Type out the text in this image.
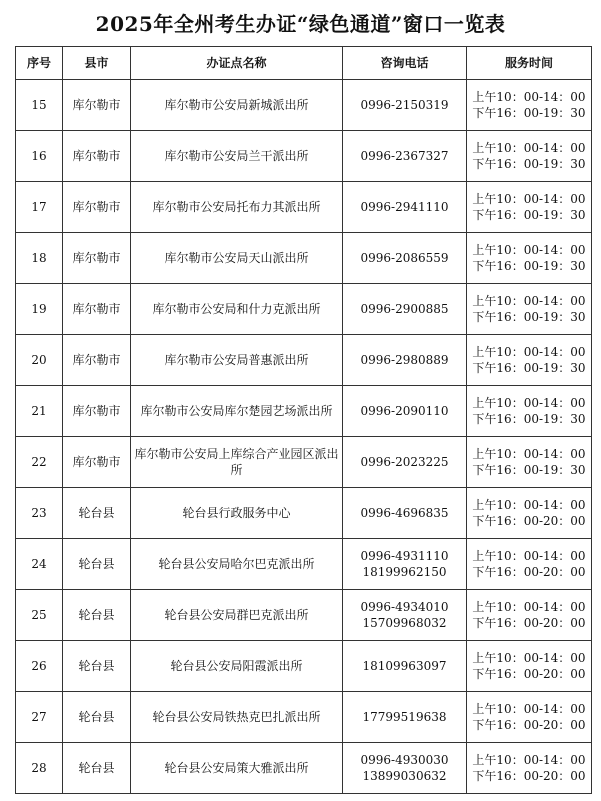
2025年全州考生办证“绿色通道”窗口一览表
序号	县市	办证点名称	咨询电话	服务时间
15	库尔勒市	库尔勒市公安局新城派出所	0996-2150319	上午10：00-14：00
下午16：00-19：30

16	库尔勒市	库尔勒市公安局兰干派出所	0996-2367327	上午10：00-14：00
下午16：00-19：30

17	库尔勒市	库尔勒市公安局托布力其派出所	0996-2941110	上午10：00-14：00
下午16：00-19：30

18	库尔勒市	库尔勒市公安局天山派出所	0996-2086559	上午10：00-14：00
下午16：00-19：30

19	库尔勒市	库尔勒市公安局和什力克派出所	0996-2900885	上午10：00-14：00
下午16：00-19：30

20	库尔勒市	库尔勒市公安局普惠派出所	0996-2980889	上午10：00-14：00
下午16：00-19：30

21	库尔勒市	库尔勒市公安局库尔楚园艺场派出所	0996-2090110	上午10：00-14：00
下午16：00-19：30

22	库尔勒市	库尔勒市公安局上库综合产业园区派出所	0996-2023225	上午10：00-14：00
下午16：00-19：30

23	轮台县	轮台县行政服务中心	0996-4696835	上午10：00-14：00
下午16：00-20：00

24	轮台县	轮台县公安局哈尔巴克派出所	0996-4931110
18199962150	上午10：00-14：00
下午16：00-20：00

25	轮台县	轮台县公安局群巴克派出所	0996-4934010
15709968032	上午10：00-14：00
下午16：00-20：00

26	轮台县	轮台县公安局阳霞派出所	18109963097	上午10：00-14：00
下午16：00-20：00

27	轮台县	轮台县公安局铁热克巴扎派出所	17799519638	上午10：00-14：00
下午16：00-20：00

28	轮台县	轮台县公安局策大雅派出所	0996-4930030
13899030632	上午10：00-14：00
下午16：00-20：00
